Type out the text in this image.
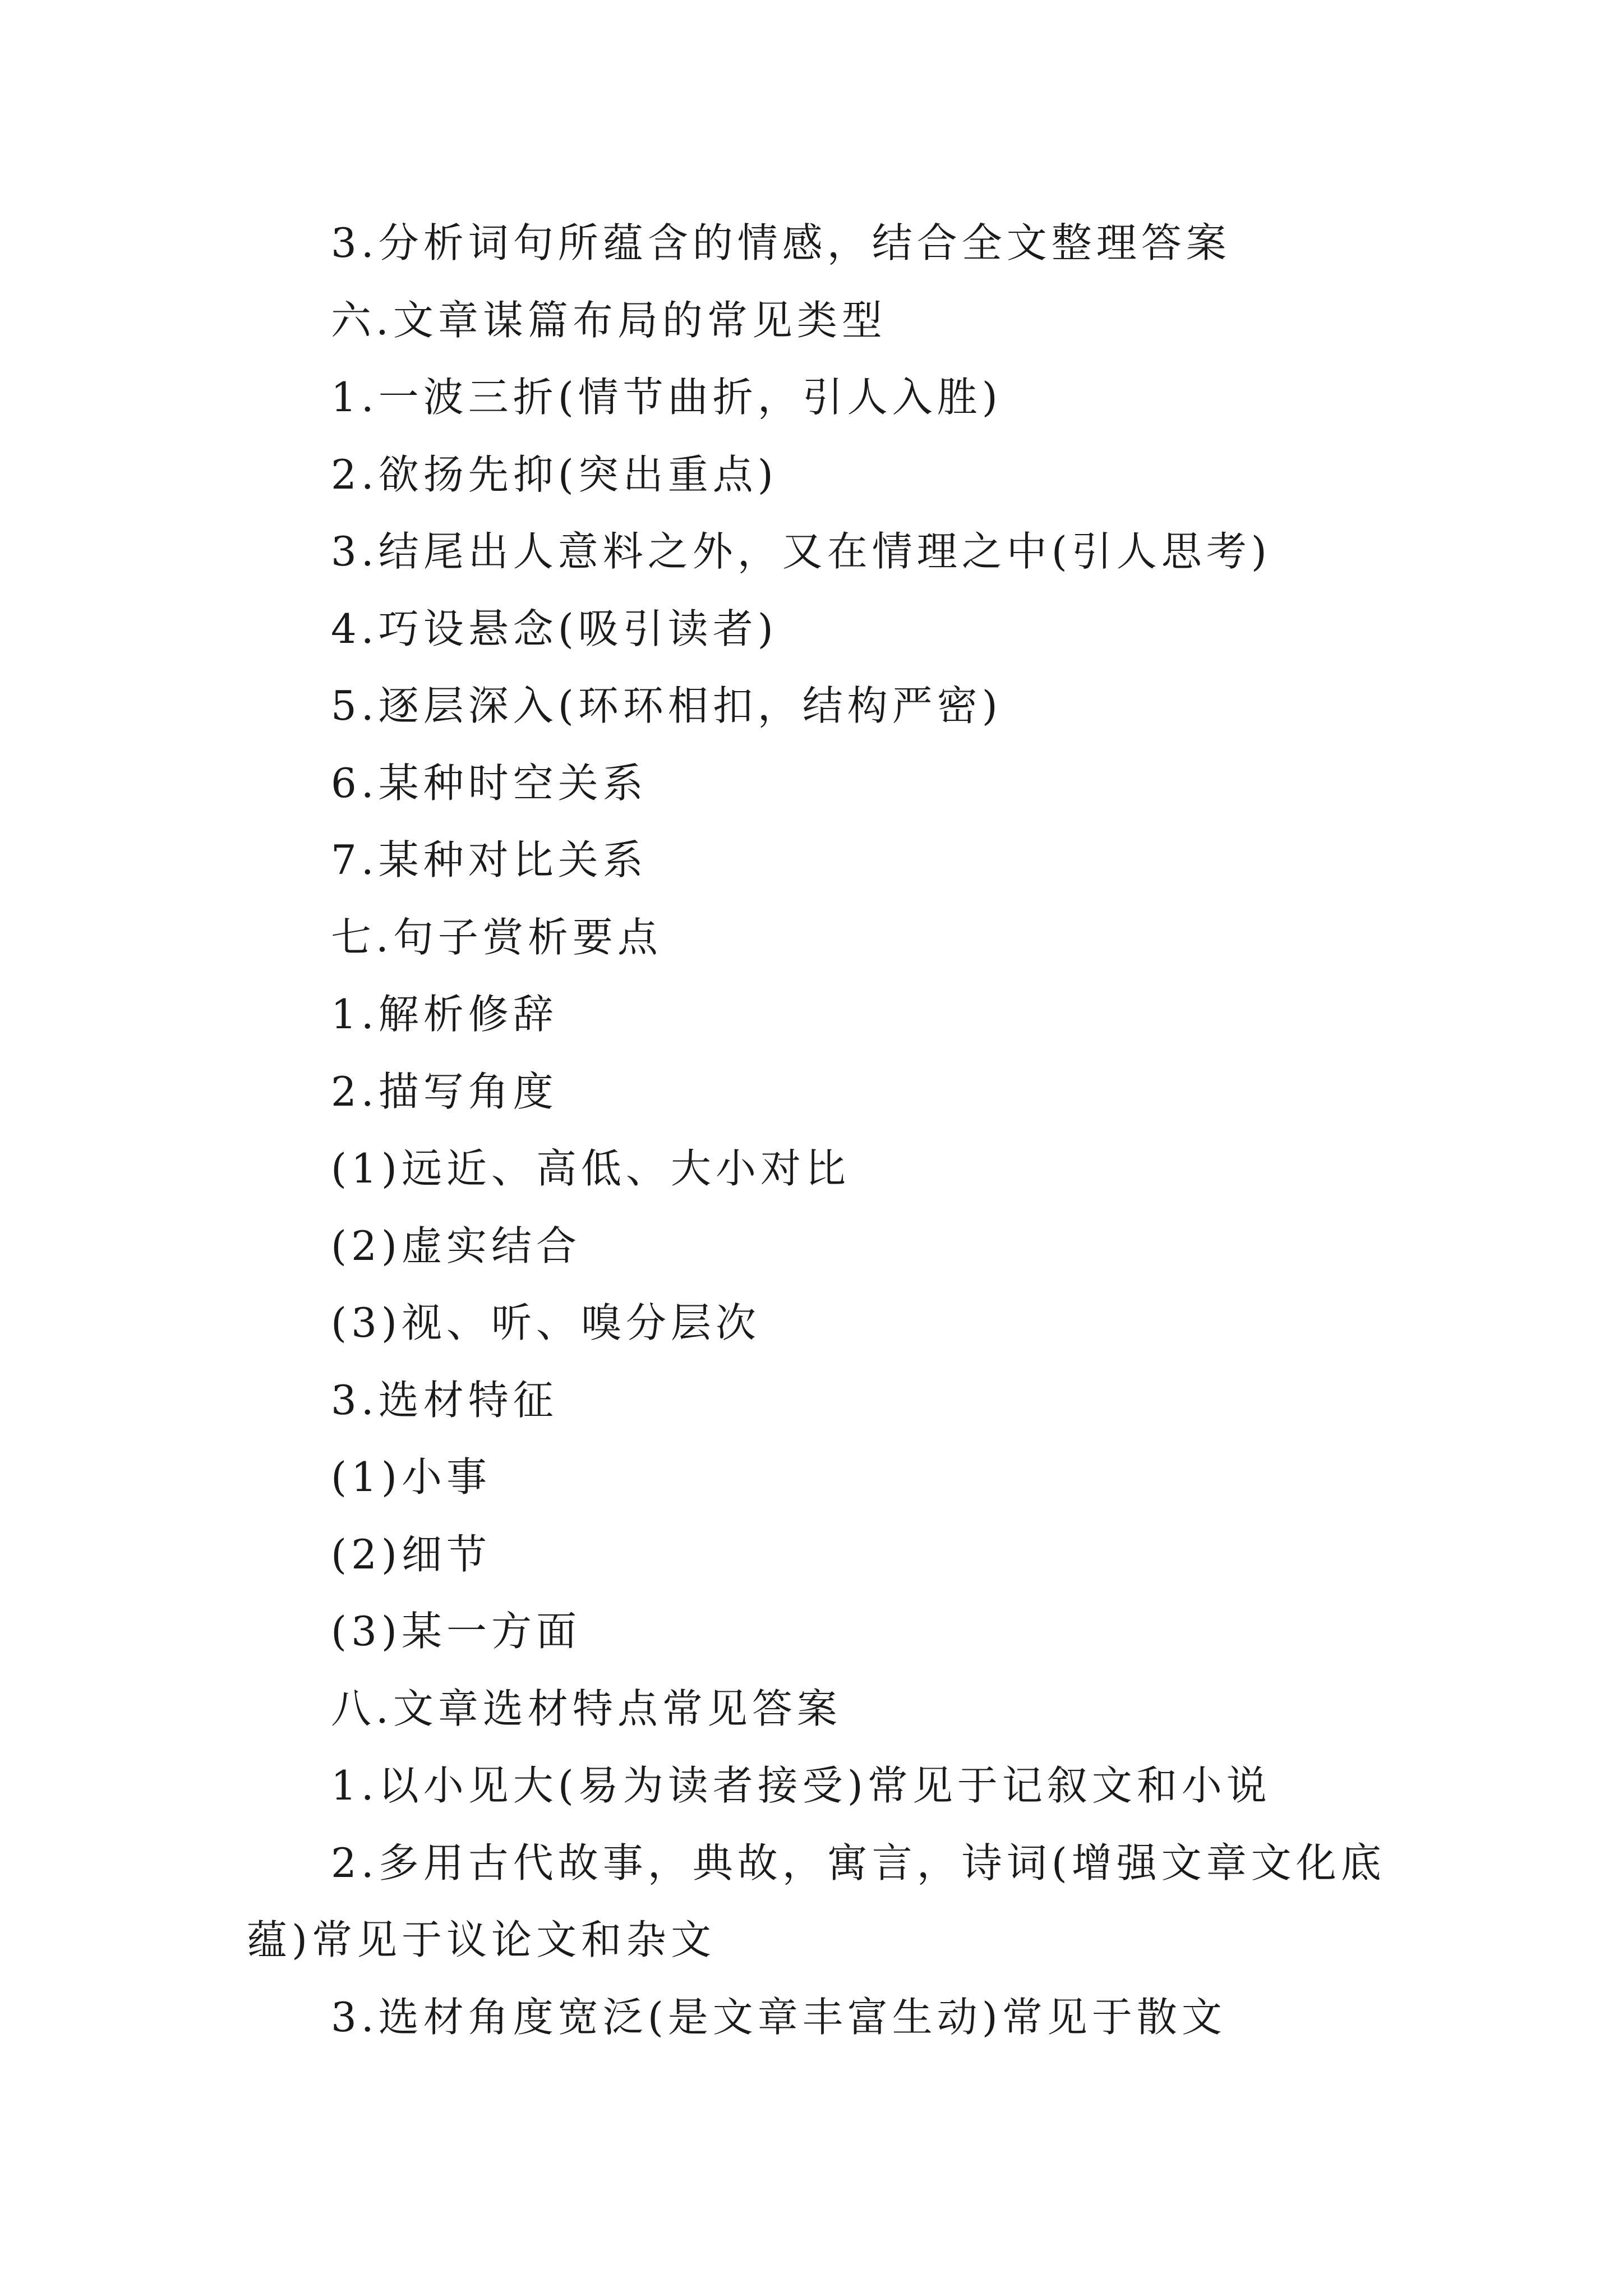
3.分析词句所蕴含的情感，结合全文整理答案
六.文章谋篇布局的常见类型
1.一波三折(情节曲折，引人入胜)
2.欲扬先抑(突出重点)
3.结尾出人意料之外，又在情理之中(引人思考)
4.巧设悬念(吸引读者)
5.逐层深入(环环相扣，结构严密)
6.某种时空关系
7.某种对比关系
七.句子赏析要点
1.解析修辞
2.描写角度
(1)远近、高低、大小对比
(2)虚实结合
(3)视、听、嗅分层次
3.选材特征
(1)小事
(2)细节
(3)某一方面
八.文章选材特点常见答案
1.以小见大(易为读者接受)常见于记叙文和小说
2.多用古代故事，典故，寓言，诗词(增强文章文化底
蕴)常见于议论文和杂文
3.选材角度宽泛(是文章丰富生动)常见于散文
